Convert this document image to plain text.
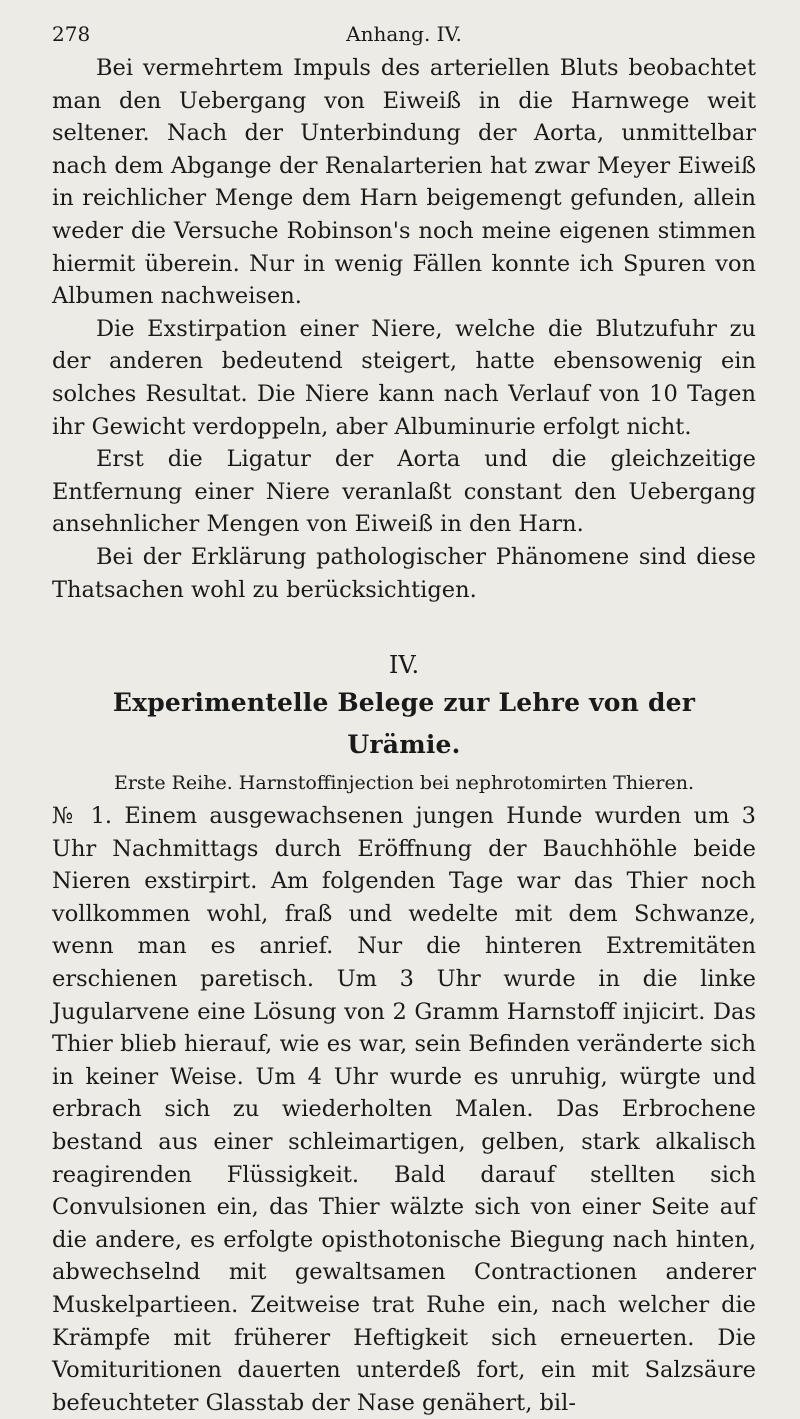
278	Anhang. IV.

Bei vermehrtem Impuls des arteriellen Bluts beobachtet man den Uebergang von Eiweiß in die Harnwege weit seltener. Nach der Unterbindung der Aorta, unmittelbar nach dem Abgange der Renalarterien hat zwar Meyer Eiweiß in reichlicher Menge dem Harn beigemengt gefunden, allein weder die Versuche Robinson's noch meine eigenen stimmen hiermit überein. Nur in wenig Fällen konnte ich Spuren von Albumen nachweisen.

Die Exstirpation einer Niere, welche die Blutzufuhr zu der anderen bedeutend steigert, hatte ebensowenig ein solches Resultat. Die Niere kann nach Verlauf von 10 Tagen ihr Gewicht verdoppeln, aber Albuminurie erfolgt nicht.

Erst die Ligatur der Aorta und die gleichzeitige Entfernung einer Niere veranlaßt constant den Uebergang ansehnlicher Mengen von Eiweiß in den Harn.

Bei der Erklärung pathologischer Phänomene sind diese Thatsachen wohl zu berücksichtigen.

IV.

Experimentelle Belege zur Lehre von der Urämie.

Erste Reihe. Harnstoffinjection bei nephrotomirten Thieren.

№ 1. Einem ausgewachsenen jungen Hunde wurden um 3 Uhr Nachmittags durch Eröffnung der Bauchhöhle beide Nieren exstirpirt. Am folgenden Tage war das Thier noch vollkommen wohl, fraß und wedelte mit dem Schwanze, wenn man es anrief. Nur die hinteren Extremitäten erschienen paretisch. Um 3 Uhr wurde in die linke Jugularvene eine Lösung von 2 Gramm Harnstoff injicirt. Das Thier blieb hierauf, wie es war, sein Befinden veränderte sich in keiner Weise. Um 4 Uhr wurde es unruhig, würgte und erbrach sich zu wiederholten Malen. Das Erbrochene bestand aus einer schleimartigen, gelben, stark alkalisch reagirenden Flüssigkeit. Bald darauf stellten sich Convulsionen ein, das Thier wälzte sich von einer Seite auf die andere, es erfolgte opisthotonische Biegung nach hinten, abwechselnd mit gewaltsamen Contractionen anderer Muskelpartieen. Zeitweise trat Ruhe ein, nach welcher die Krämpfe mit früherer Heftigkeit sich erneuerten. Die Vomituritionen dauerten unterdeß fort, ein mit Salzsäure befeuchteter Glasstab der Nase genähert, bil-
